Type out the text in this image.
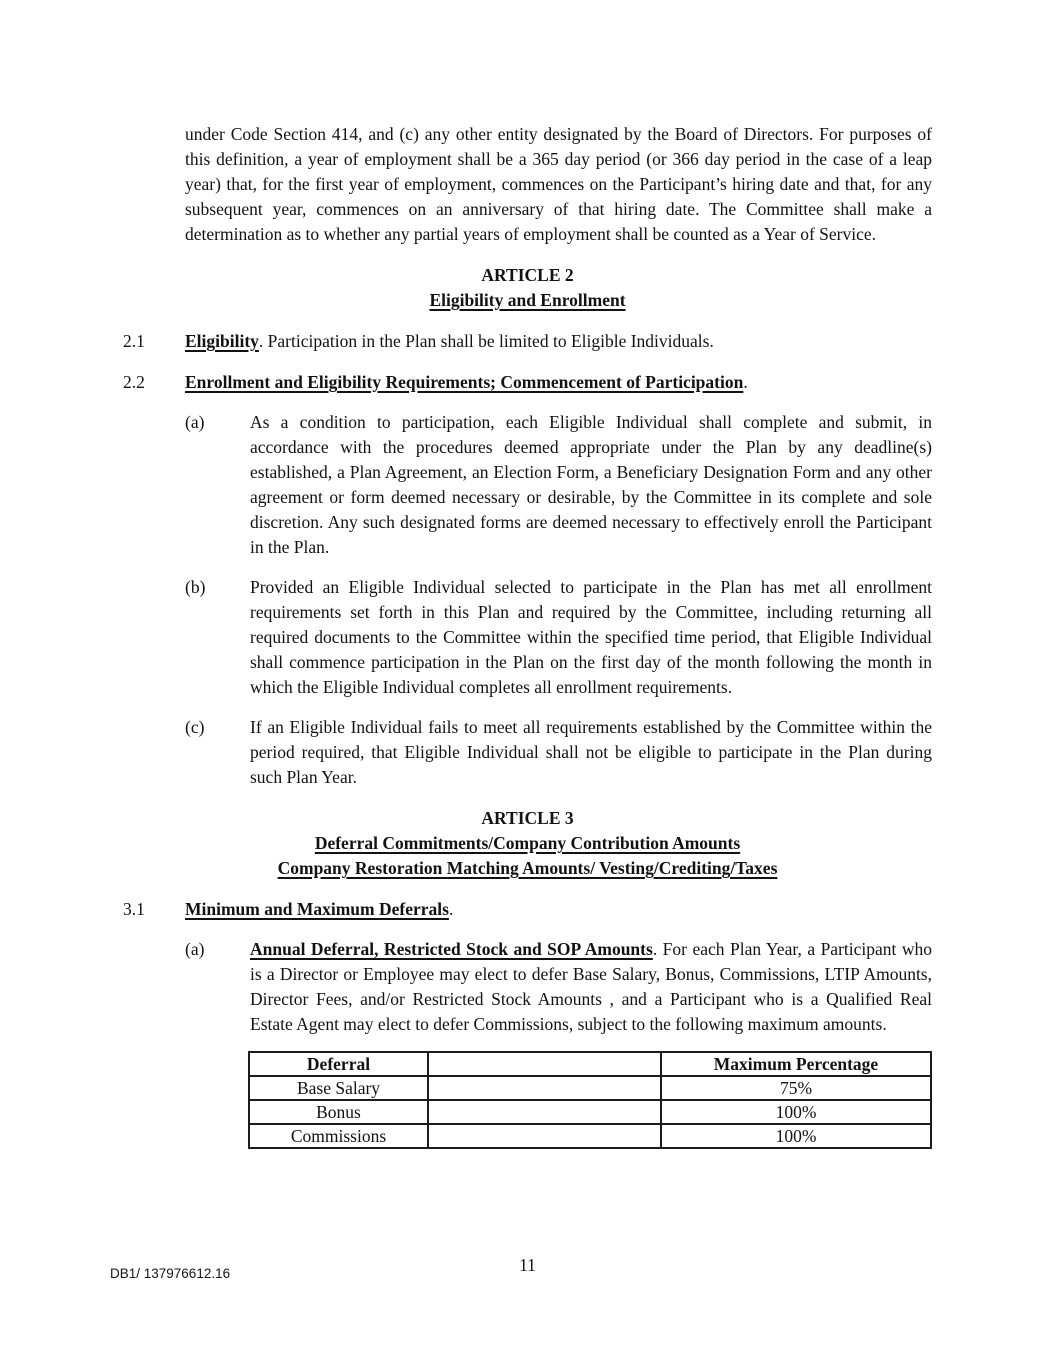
under Code Section 414, and (c) any other entity designated by the Board of Directors. For purposes of this definition, a year of employment shall be a 365 day period (or 366 day period in the case of a leap year) that, for the first year of employment, commences on the Participant’s hiring date and that, for any subsequent year, commences on an anniversary of that hiring date. The Committee shall make a determination as to whether any partial years of employment shall be counted as a Year of Service.

ARTICLE 2
Eligibility and Enrollment
2.1	Eligibility. Participation in the Plan shall be limited to Eligible Individuals.
2.2	Enrollment and Eligibility Requirements; Commencement of Participation.
(a)	As a condition to participation, each Eligible Individual shall complete and submit, in accordance with the procedures deemed appropriate under the Plan by any deadline(s) established, a Plan Agreement, an Election Form, a Beneficiary Designation Form and any other agreement or form deemed necessary or desirable, by the Committee in its complete and sole discretion. Any such designated forms are deemed necessary to effectively enroll the Participant in the Plan.
(b)	Provided an Eligible Individual selected to participate in the Plan has met all enrollment requirements set forth in this Plan and required by the Committee, including returning all required documents to the Committee within the specified time period, that Eligible Individual shall commence participation in the Plan on the first day of the month following the month in which the Eligible Individual completes all enrollment requirements.
(c)	If an Eligible Individual fails to meet all requirements established by the Committee within the period required, that Eligible Individual shall not be eligible to participate in the Plan during such Plan Year.
ARTICLE 3
Deferral Commitments/Company Contribution Amounts
Company Restoration Matching Amounts/ Vesting/Crediting/Taxes
3.1	Minimum and Maximum Deferrals.
(a)	Annual Deferral, Restricted Stock and SOP Amounts. For each Plan Year, a Participant who is a Director or Employee may elect to defer Base Salary, Bonus, Commissions, LTIP Amounts, Director Fees, and/or Restricted Stock Amounts , and a Participant who is a Qualified Real Estate Agent may elect to defer Commissions, subject to the following maximum amounts.
Deferral		Maximum Percentage
Base Salary		75%
Bonus		100%
Commissions		100%
DB1/ 137976612.16	11
